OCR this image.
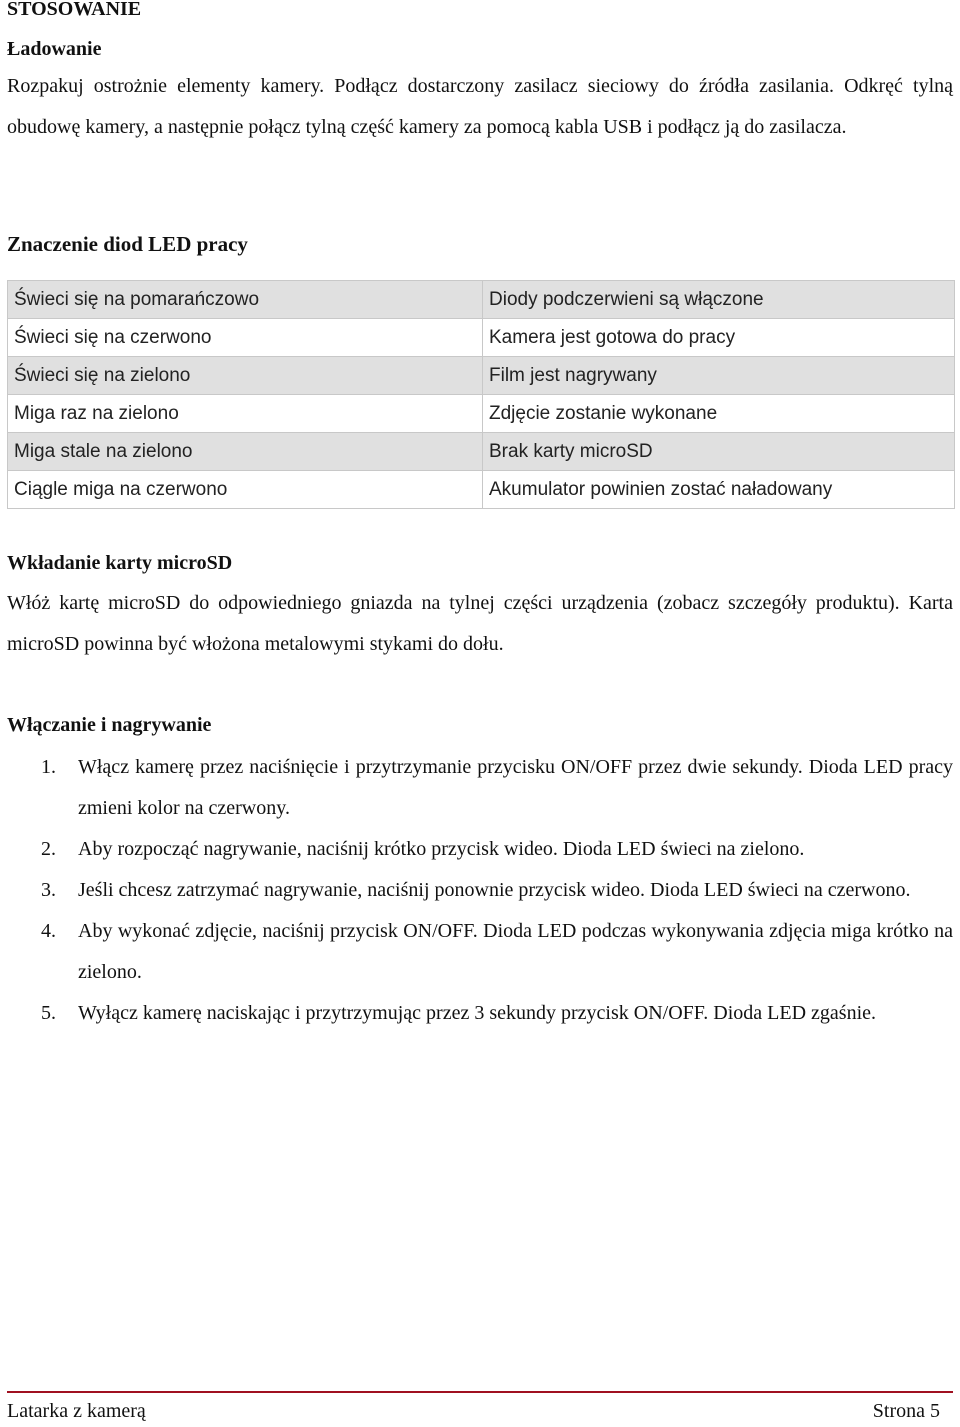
STOSOWANIE
Ładowanie
Rozpakuj ostrożnie elementy kamery. Podłącz dostarczony zasilacz sieciowy do źródła zasilania. Odkręć tylną obudowę kamery, a następnie połącz tylną część kamery za pomocą kabla USB i podłącz ją do zasilacza.
Znaczenie diod LED pracy
Świeci się na pomarańczowo	Diody podczerwieni są włączone
Świeci się na czerwono	Kamera jest gotowa do pracy
Świeci się na zielono	Film jest nagrywany
Miga raz na zielono	Zdjęcie zostanie wykonane
Miga stale na zielono	Brak karty microSD
Ciągle miga na czerwono	Akumulator powinien zostać naładowany
Wkładanie karty microSD
Włóż kartę microSD do odpowiedniego gniazda na tylnej części urządzenia (zobacz szczegóły produktu). Karta microSD powinna być włożona metalowymi stykami do dołu.
Włączanie i nagrywanie
1.	Włącz kamerę przez naciśnięcie i przytrzymanie przycisku ON/OFF przez dwie sekundy. Dioda LED pracy zmieni kolor na czerwony.
2.	Aby rozpocząć nagrywanie, naciśnij krótko przycisk wideo. Dioda LED świeci na zielono.
3.	Jeśli chcesz zatrzymać nagrywanie, naciśnij ponownie przycisk wideo. Dioda LED świeci na czerwono.
4.	Aby wykonać zdjęcie, naciśnij przycisk ON/OFF. Dioda LED podczas wykonywania zdjęcia miga krótko na zielono.
5.	Wyłącz kamerę naciskając i przytrzymując przez 3 sekundy przycisk ON/OFF. Dioda LED zgaśnie.
Latarka z kamerą	Strona 5
